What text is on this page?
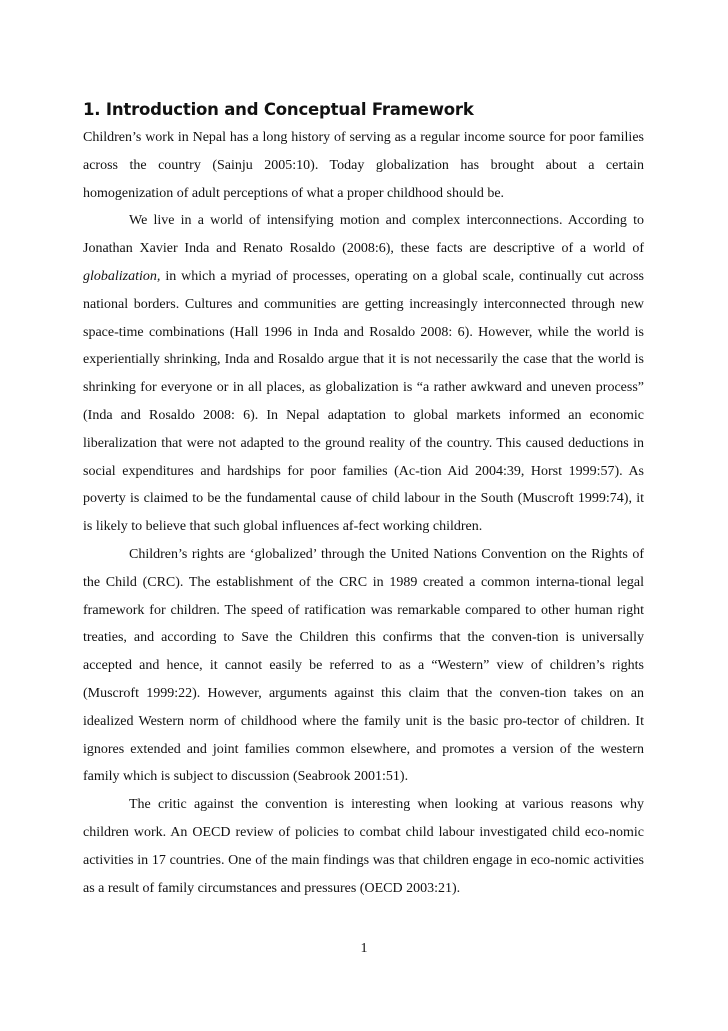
1. Introduction and Conceptual Framework

Children’s work in Nepal has a long history of serving as a regular income source for poor families across the country (Sainju 2005:10). Today globalization has brought about a certain homogenization of adult perceptions of what a proper childhood should be.

We live in a world of intensifying motion and complex interconnections. According to Jonathan Xavier Inda and Renato Rosaldo (2008:6), these facts are descriptive of a world of globalization, in which a myriad of processes, operating on a global scale, continually cut across national borders. Cultures and communities are getting increasingly interconnected through new space-time combinations (Hall 1996 in Inda and Rosaldo 2008: 6). However, while the world is experientially shrinking, Inda and Rosaldo argue that it is not necessarily the case that the world is shrinking for everyone or in all places, as globalization is “a rather awkward and uneven process” (Inda and Rosaldo 2008: 6). In Nepal adaptation to global markets informed an economic liberalization that were not adapted to the ground reality of the country. This caused deductions in social expenditures and hardships for poor families (Ac-tion Aid 2004:39, Horst 1999:57). As poverty is claimed to be the fundamental cause of child labour in the South (Muscroft 1999:74), it is likely to believe that such global influences af-fect working children.

Children’s rights are ‘globalized’ through the United Nations Convention on the Rights of the Child (CRC). The establishment of the CRC in 1989 created a common interna-tional legal framework for children. The speed of ratification was remarkable compared to other human right treaties, and according to Save the Children this confirms that the conven-tion is universally accepted and hence, it cannot easily be referred to as a “Western” view of children’s rights (Muscroft 1999:22). However, arguments against this claim that the conven-tion takes on an idealized Western norm of childhood where the family unit is the basic pro-tector of children. It ignores extended and joint families common elsewhere, and promotes a version of the western family which is subject to discussion (Seabrook 2001:51).

The critic against the convention is interesting when looking at various reasons why children work. An OECD review of policies to combat child labour investigated child eco-nomic activities in 17 countries. One of the main findings was that children engage in eco-nomic activities as a result of family circumstances and pressures (OECD 2003:21).

1
